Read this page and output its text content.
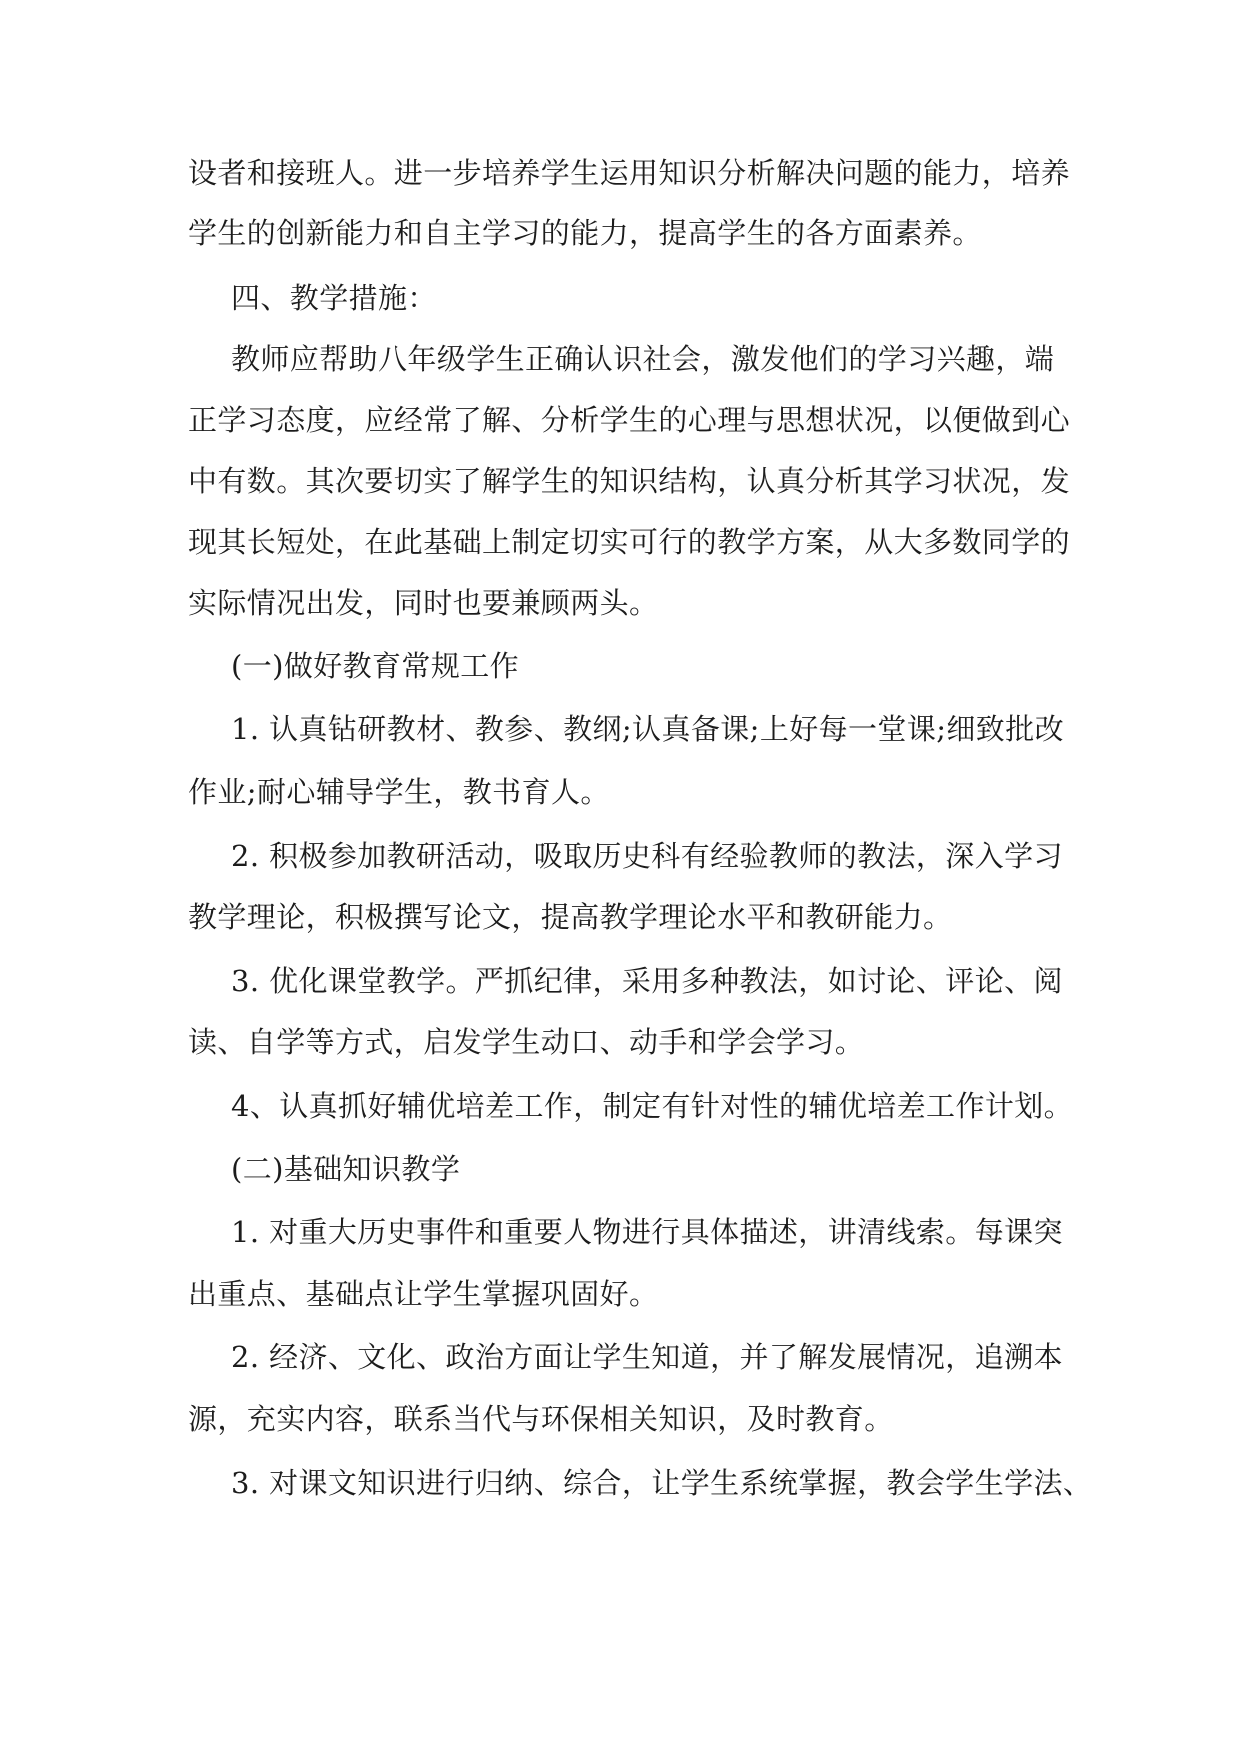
设者和接班人。进一步培养学生运用知识分析解决问题的能力，培养
学生的创新能力和自主学习的能力，提高学生的各方面素养。
四、教学措施：
教师应帮助八年级学生正确认识社会，激发他们的学习兴趣，端
正学习态度，应经常了解、分析学生的心理与思想状况，以便做到心
中有数。其次要切实了解学生的知识结构，认真分析其学习状况，发
现其长短处，在此基础上制定切实可行的教学方案，从大多数同学的
实际情况出发，同时也要兼顾两头。
(一)做好教育常规工作
1. 认真钻研教材、教参、教纲;认真备课;上好每一堂课;细致批改
作业;耐心辅导学生，教书育人。
2. 积极参加教研活动，吸取历史科有经验教师的教法，深入学习
教学理论，积极撰写论文，提高教学理论水平和教研能力。
3. 优化课堂教学。严抓纪律，采用多种教法，如讨论、评论、阅
读、自学等方式，启发学生动口、动手和学会学习。
4、认真抓好辅优培差工作，制定有针对性的辅优培差工作计划。
(二)基础知识教学
1. 对重大历史事件和重要人物进行具体描述，讲清线索。每课突
出重点、基础点让学生掌握巩固好。
2. 经济、文化、政治方面让学生知道，并了解发展情况，追溯本
源，充实内容，联系当代与环保相关知识，及时教育。
3. 对课文知识进行归纳、综合，让学生系统掌握，教会学生学法、
